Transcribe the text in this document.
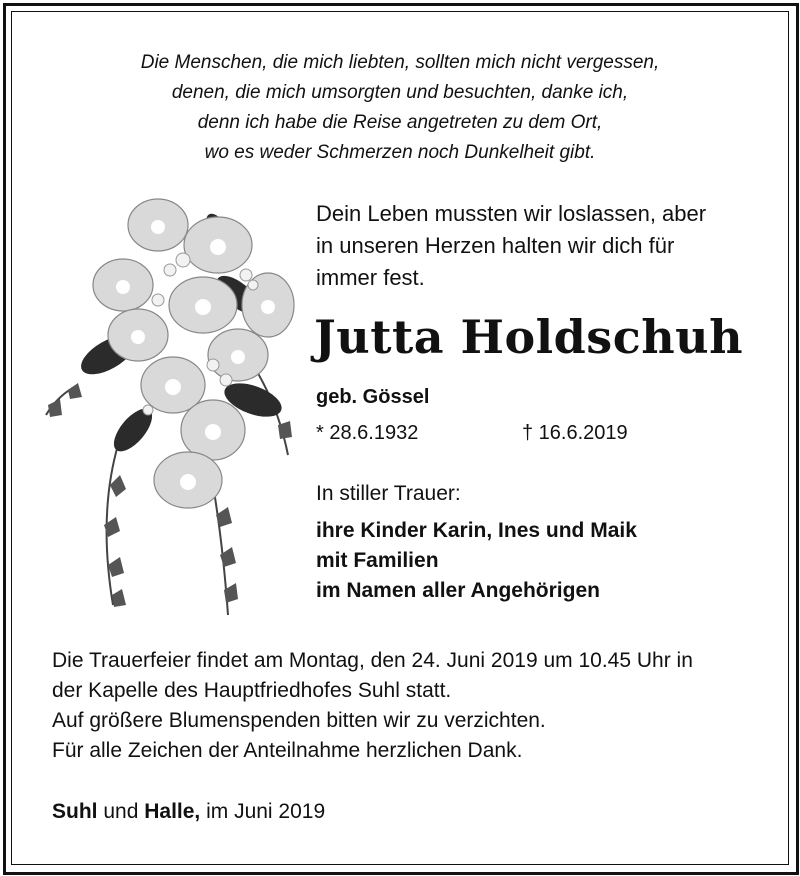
Die Menschen, die mich liebten, sollten mich nicht vergessen,
denen, die mich umsorgten und besuchten, danke ich,
denn ich habe die Reise angetreten zu dem Ort,
wo es weder Schmerzen noch Dunkelheit gibt.
Dein Leben mussten wir loslassen, aber
in unseren Herzen halten wir dich für
immer fest.
Jutta Holdschuh
geb. Gössel
* 28.6.1932	† 16.6.2019
In stiller Trauer:
ihre Kinder Karin, Ines und Maik
mit Familien
im Namen aller Angehörigen
Die Trauerfeier findet am Montag, den 24. Juni 2019 um 10.45 Uhr in
der Kapelle des Hauptfriedhofes Suhl statt.
Auf größere Blumenspenden bitten wir zu verzichten.
Für alle Zeichen der Anteilnahme herzlichen Dank.
Suhl und Halle, im Juni 2019
